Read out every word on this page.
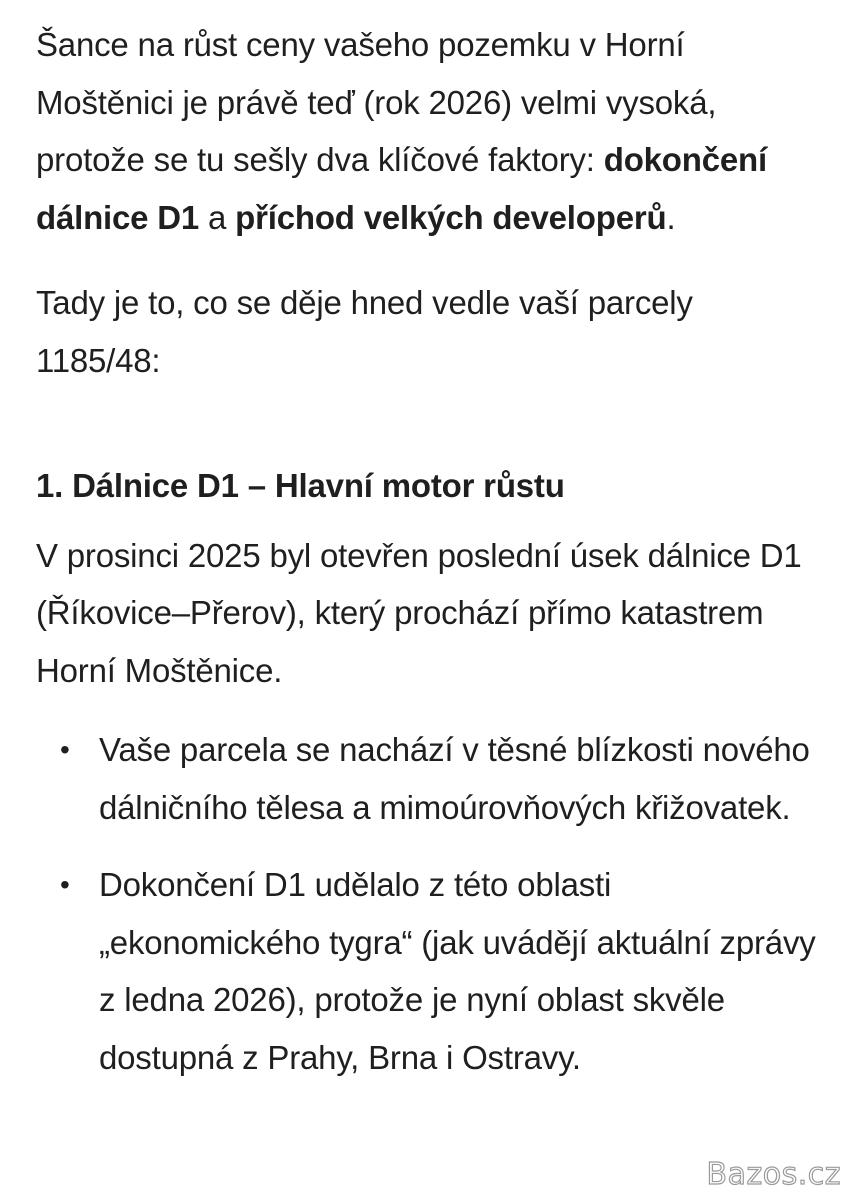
Šance na růst ceny vašeho pozemku v Horní Moštěnici je právě teď (rok 2026) velmi vysoká, protože se tu sešly dva klíčové faktory: dokončení dálnice D1 a příchod velkých developerů.

Tady je to, co se děje hned vedle vaší parcely 1185/48:

1. Dálnice D1 – Hlavní motor růstu

V prosinci 2025 byl otevřen poslední úsek dálnice D1 (Říkovice–Přerov), který prochází přímo katastrem Horní Moštěnice.

• Vaše parcela se nachází v těsné blízkosti nového dálničního tělesa a mimoúrovňových křižovatek.
• Dokončení D1 udělalo z této oblasti „ekonomického tygra“ (jak uvádějí aktuální zprávy z ledna 2026), protože je nyní oblast skvěle dostupná z Prahy, Brna i Ostravy.
Bazos.cz
